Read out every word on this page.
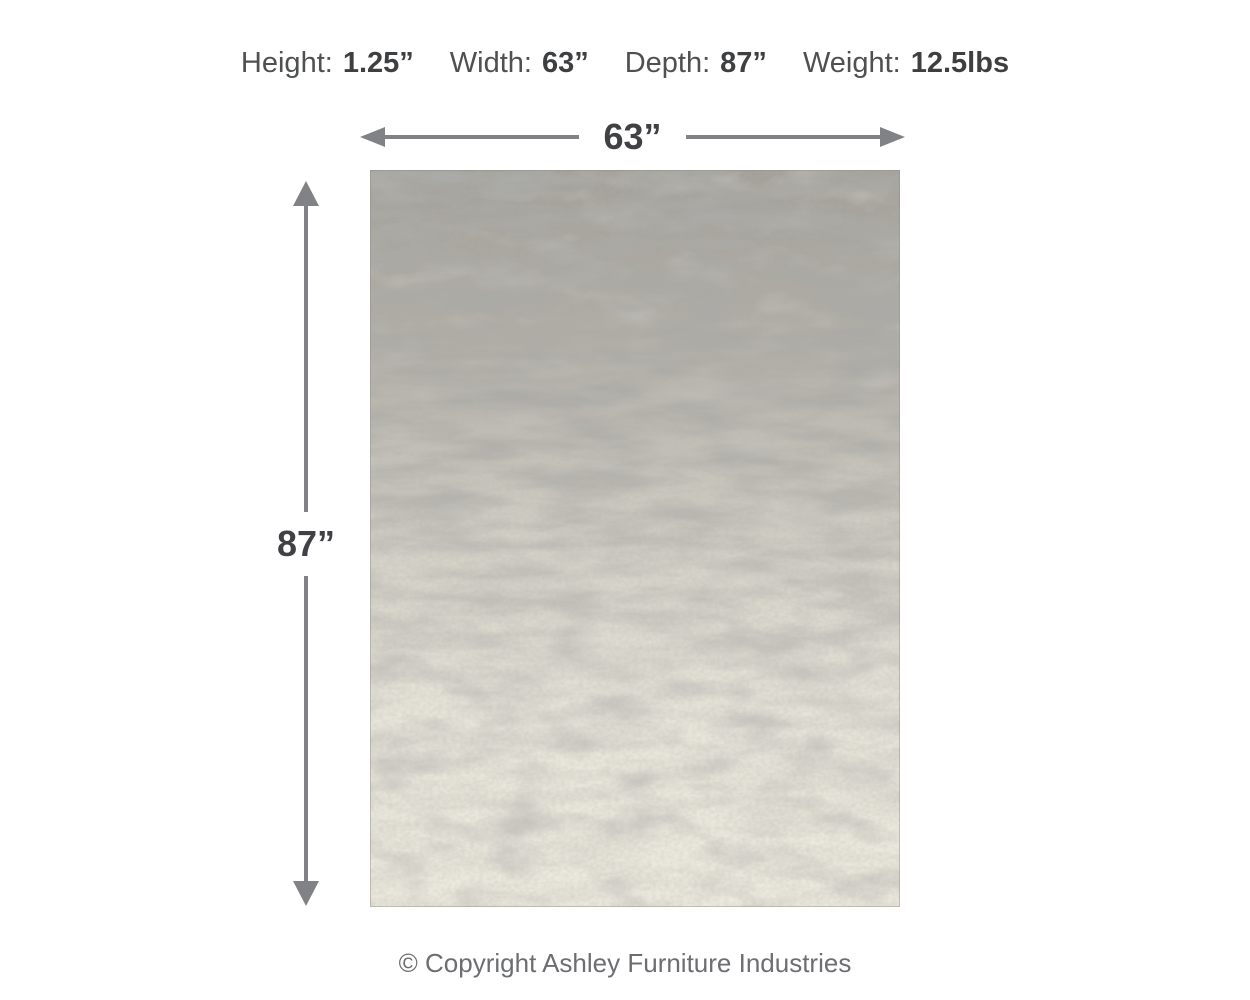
Height: 1.25” Width: 63” Depth: 87” Weight: 12.5lbs
63”
87”
© Copyright Ashley Furniture Industries
